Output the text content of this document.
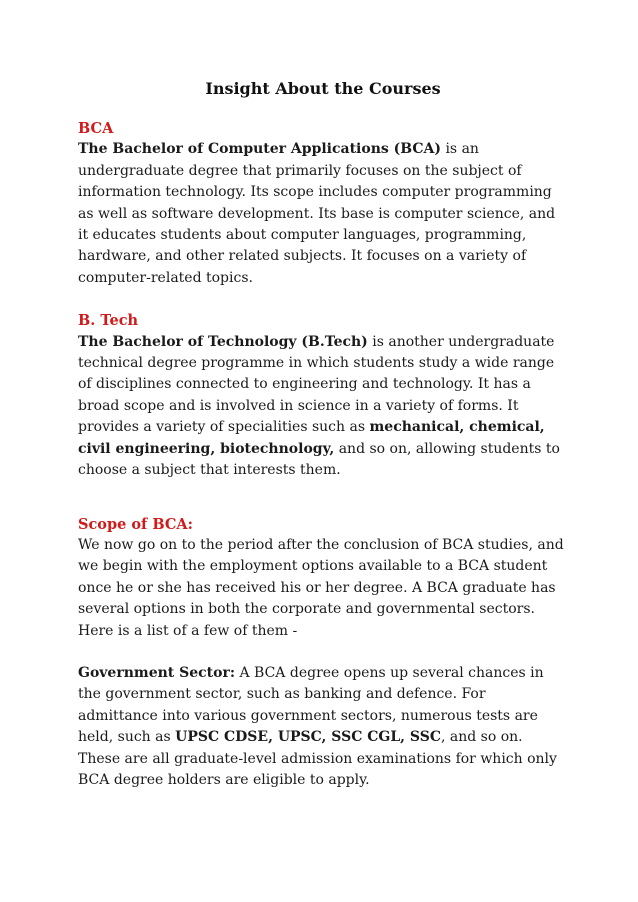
Insight About the Courses
BCA

The Bachelor of Computer Applications (BCA) is an undergraduate degree that primarily focuses on the subject of information technology. Its scope includes computer programming as well as software development. Its base is computer science, and it educates students about computer languages, programming, hardware, and other related subjects. It focuses on a variety of computer-related topics.

B. Tech

The Bachelor of Technology (B.Tech) is another undergraduate technical degree programme in which students study a wide range of disciplines connected to engineering and technology. It has a broad scope and is involved in science in a variety of forms. It provides a variety of specialities such as mechanical, chemical, civil engineering, biotechnology, and so on, allowing students to choose a subject that interests them.

Scope of BCA:

We now go on to the period after the conclusion of BCA studies, and we begin with the employment options available to a BCA student once he or she has received his or her degree. A BCA graduate has several options in both the corporate and governmental sectors. Here is a list of a few of them -

Government Sector: A BCA degree opens up several chances in the government sector, such as banking and defence. For admittance into various government sectors, numerous tests are held, such as UPSC CDSE, UPSC, SSC CGL, SSC, and so on. These are all graduate-level admission examinations for which only BCA degree holders are eligible to apply.
